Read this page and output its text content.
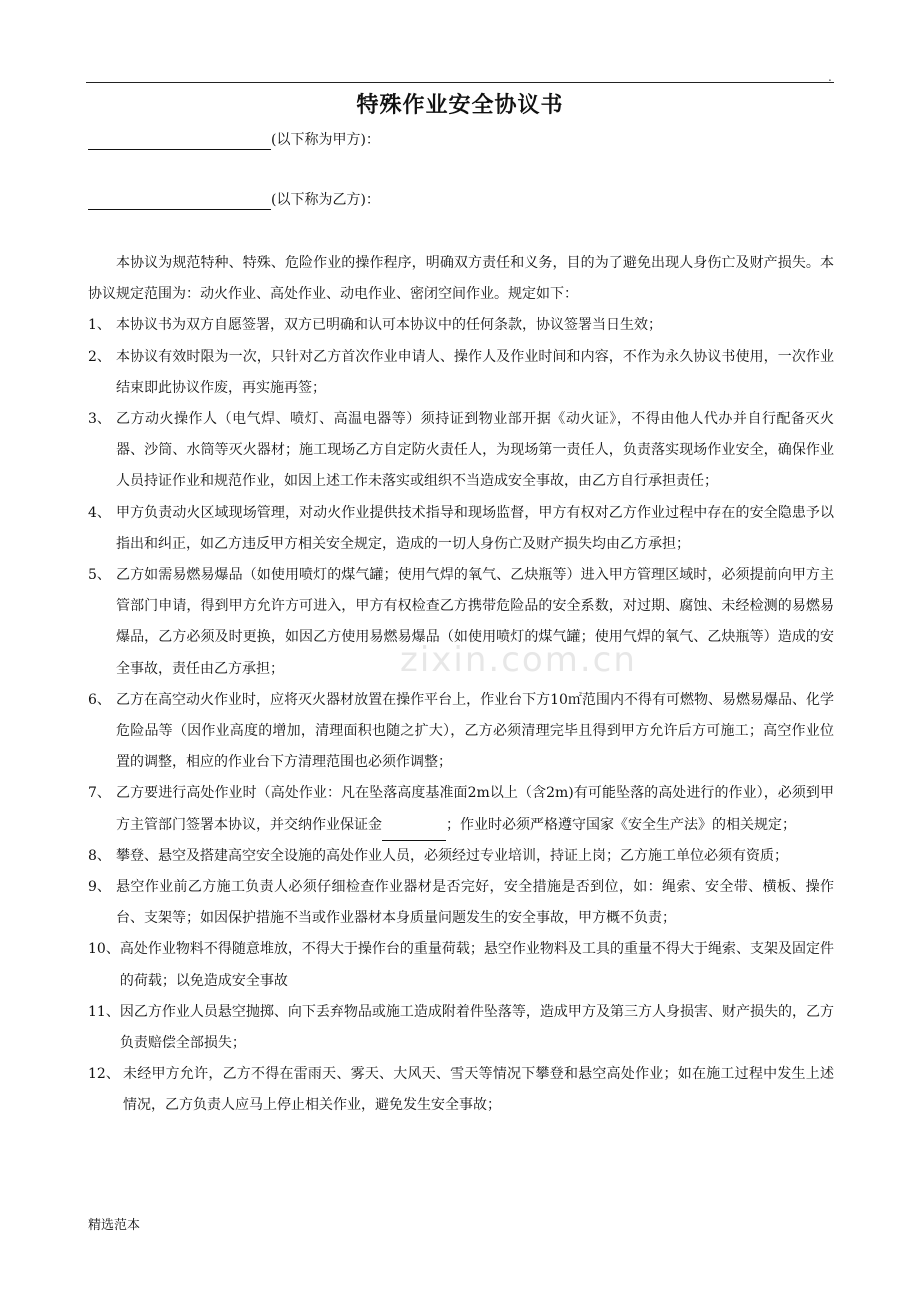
.
特殊作业安全协议书
(以下称为甲方)：
(以下称为乙方)：
zixin.com.cn

本协议为规范特种、特殊、危险作业的操作程序，明确双方责任和义务，目的为了避免出现人身伤亡及财产损失。本协议规定范围为：动火作业、高处作业、动电作业、密闭空间作业。规定如下：

1、 本协议书为双方自愿签署，双方已明确和认可本协议中的任何条款，协议签署当日生效；
2、 本协议有效时限为一次，只针对乙方首次作业申请人、操作人及作业时间和内容，不作为永久协议书使用，一次作业结束即此协议作废，再实施再签；
3、 乙方动火操作人（电气焊、喷灯、高温电器等）须持证到物业部开据《动火证》，不得由他人代办并自行配备灭火器、沙筒、水筒等灭火器材；施工现场乙方自定防火责任人，为现场第一责任人，负责落实现场作业安全，确保作业人员持证作业和规范作业，如因上述工作未落实或组织不当造成安全事故，由乙方自行承担责任；
4、 甲方负责动火区域现场管理，对动火作业提供技术指导和现场监督，甲方有权对乙方作业过程中存在的安全隐患予以指出和纠正，如乙方违反甲方相关安全规定，造成的一切人身伤亡及财产损失均由乙方承担；
5、 乙方如需易燃易爆品（如使用喷灯的煤气罐；使用气焊的氧气、乙炔瓶等）进入甲方管理区域时，必须提前向甲方主管部门申请，得到甲方允许方可进入，甲方有权检查乙方携带危险品的安全系数，对过期、腐蚀、未经检测的易燃易爆品，乙方必须及时更换，如因乙方使用易燃易爆品（如使用喷灯的煤气罐；使用气焊的氧气、乙炔瓶等）造成的安全事故，责任由乙方承担；
6、 乙方在高空动火作业时，应将灭火器材放置在操作平台上，作业台下方10㎡范围内不得有可燃物、易燃易爆品、化学危险品等（因作业高度的增加，清理面积也随之扩大），乙方必须清理完毕且得到甲方允许后方可施工；高空作业位置的调整，相应的作业台下方清理范围也必须作调整；
7、 乙方要进行高处作业时（高处作业：凡在坠落高度基准面2m以上（含2m)有可能坠落的高处进行的作业），必须到甲方主管部门签署本协议，并交纳作业保证金	；作业时必须严格遵守国家《安全生产法》的相关规定；
8、 攀登、悬空及搭建高空安全设施的高处作业人员，必须经过专业培训，持证上岗；乙方施工单位必须有资质；
9、 悬空作业前乙方施工负责人必须仔细检查作业器材是否完好，安全措施是否到位，如：绳索、安全带、横板、操作台、支架等；如因保护措施不当或作业器材本身质量问题发生的安全事故，甲方概不负责；
10、 高处作业物料不得随意堆放，不得大于操作台的重量荷载；悬空作业物料及工具的重量不得大于绳索、支架及固定件的荷载；以免造成安全事故
11、 因乙方作业人员悬空抛掷、向下丢弃物品或施工造成附着件坠落等，造成甲方及第三方人身损害、财产损失的，乙方负责赔偿全部损失；
12、 未经甲方允许，乙方不得在雷雨天、雾天、大风天、雪天等情况下攀登和悬空高处作业；如在施工过程中发生上述情况，乙方负责人应马上停止相关作业，避免发生安全事故；
精选范本
